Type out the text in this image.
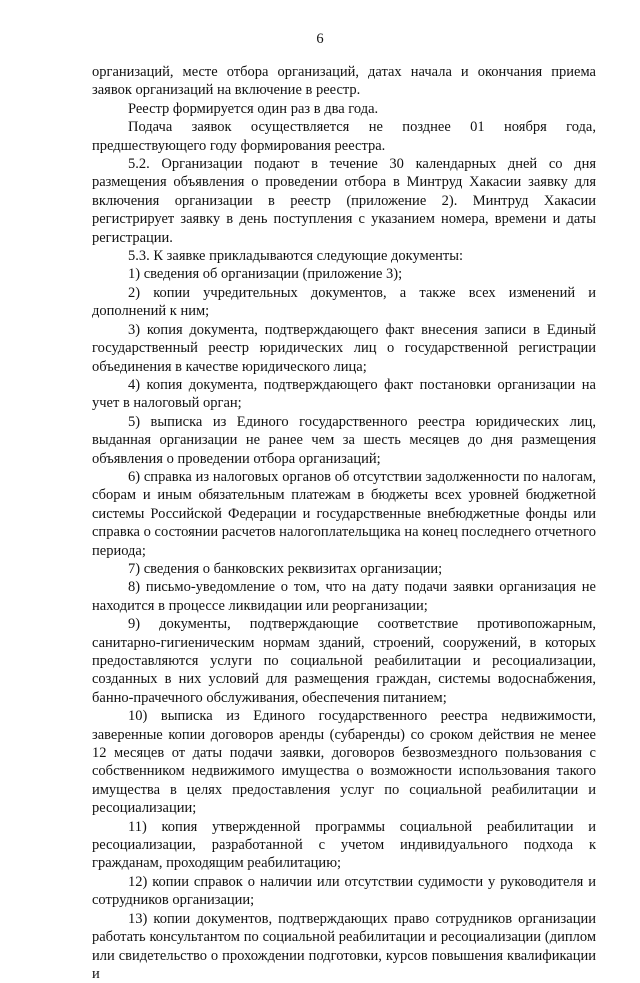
6

организаций, месте отбора организаций, датах начала и окончания приема заявок организаций на включение в реестр.

Реестр формируется один раз в два года.

Подача заявок осуществляется не позднее 01 ноября года, предшествующего году формирования реестра.

5.2. Организации подают в течение 30 календарных дней со дня размещения объявления о проведении отбора в Минтруд Хакасии заявку для включения организации в реестр (приложение 2). Минтруд Хакасии регистрирует заявку в день поступления с указанием номера, времени и даты регистрации.

5.3. К заявке прикладываются следующие документы:

1) сведения об организации (приложение 3);

2) копии учредительных документов, а также всех изменений и дополнений к ним;

3) копия документа, подтверждающего факт внесения записи в Единый государственный реестр юридических лиц о государственной регистрации объединения в качестве юридического лица;

4) копия документа, подтверждающего факт постановки организации на учет в налоговый орган;

5) выписка из Единого государственного реестра юридических лиц, выданная организации не ранее чем за шесть месяцев до дня размещения объявления о проведении отбора организаций;

6) справка из налоговых органов об отсутствии задолженности по налогам, сборам и иным обязательным платежам в бюджеты всех уровней бюджетной системы Российской Федерации и государственные внебюджетные фонды или справка о состоянии расчетов налогоплательщика на конец последнего отчетного периода;

7) сведения о банковских реквизитах организации;

8) письмо-уведомление о том, что на дату подачи заявки организация не находится в процессе ликвидации или реорганизации;

9) документы, подтверждающие соответствие противопожарным, санитарно-гигиеническим нормам зданий, строений, сооружений, в которых предоставляются услуги по социальной реабилитации и ресоциализации, созданных в них условий для размещения граждан, системы водоснабжения, банно-прачечного обслуживания, обеспечения питанием;

10) выписка из Единого государственного реестра недвижимости, заверенные копии договоров аренды (субаренды) со сроком действия не менее 12 месяцев от даты подачи заявки, договоров безвозмездного пользования с собственником недвижимого имущества о возможности использования такого имущества в целях предоставления услуг по социальной реабилитации и ресоциализации;

11) копия утвержденной программы социальной реабилитации и ресоциализации, разработанной с учетом индивидуального подхода к гражданам, проходящим реабилитацию;

12) копии справок о наличии или отсутствии судимости у руководителя и сотрудников организации;

13) копии документов, подтверждающих право сотрудников организации работать консультантом по социальной реабилитации и ресоциализации (диплом или свидетельство о прохождении подготовки, курсов повышения квалификации и
